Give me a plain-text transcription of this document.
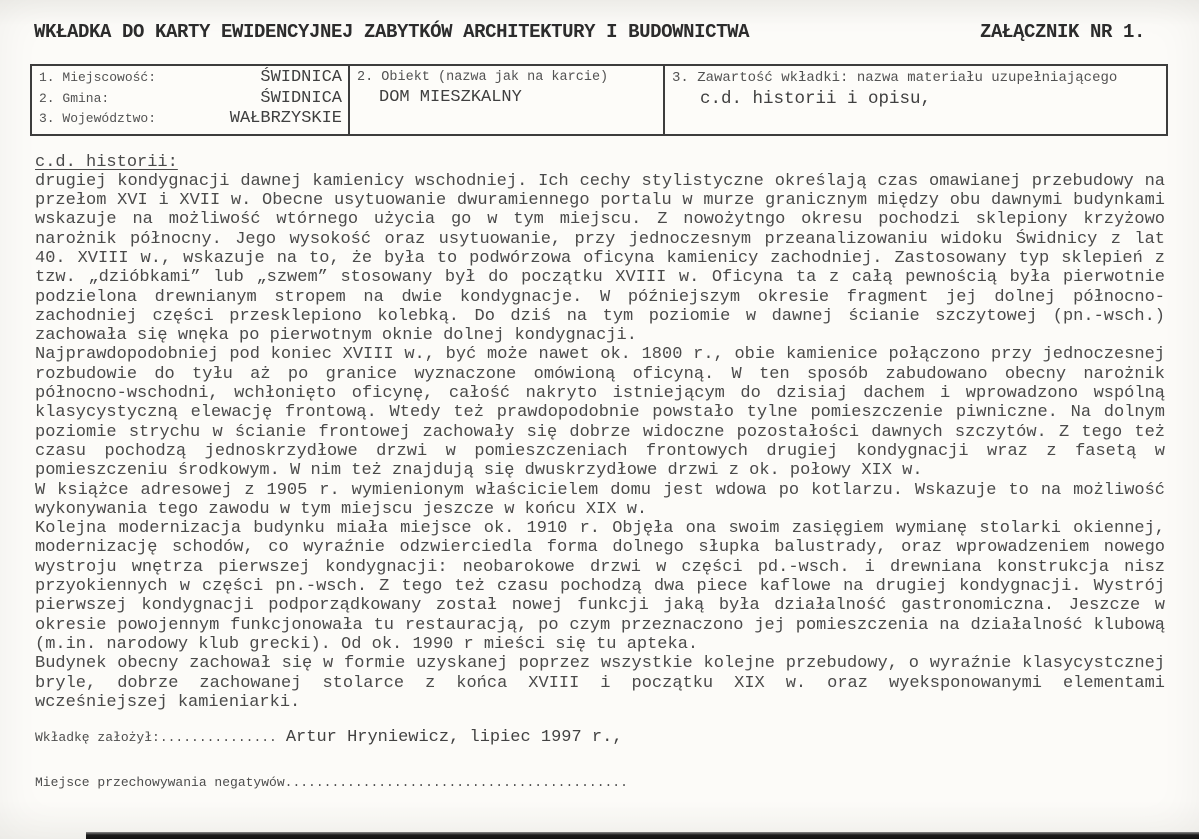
WKŁADKA DO KARTY EWIDENCYJNEJ ZABYTKÓW ARCHITEKTURY I BUDOWNICTWA	ZAŁĄCZNIK NR 1.
1. Miejscowość:	ŚWIDNICA
2. Gmina:	ŚWIDNICA
3. Województwo:	WAŁBRZYSKIE
2. Obiekt (nazwa jak na karcie)
DOM MIESZKALNY
3. Zawartość wkładki: nazwa materiału uzupełniającego
c.d. historii i opisu,
c.d. historii:

drugiej kondygnacji dawnej kamienicy wschodniej. Ich cechy stylistyczne określają czas omawianej przebudowy na przełom XVI i XVII w. Obecne usytuowanie dwuramiennego portalu w murze granicznym między obu dawnymi budynkami wskazuje na możliwość wtórnego użycia go w tym miejscu. Z nowożytngo okresu pochodzi sklepiony krzyżowo narożnik północny. Jego wysokość oraz usytuowanie, przy jednoczesnym przeanalizowaniu widoku Świdnicy z lat 40. XVIII w., wskazuje na to, że była to podwórzowa oficyna kamienicy zachodniej. Zastosowany typ sklepień z tzw. „dzióbkami” lub „szwem” stosowany był do początku XVIII w. Oficyna ta z całą pewnością była pierwotnie podzielona drewnianym stropem na dwie kondygnacje. W późniejszym okresie fragment jej dolnej północno-zachodniej części przesklepiono kolebką. Do dziś na tym poziomie w dawnej ścianie szczytowej (pn.-wsch.) zachowała się wnęka po pierwotnym oknie dolnej kondygnacji.

Najprawdopodobniej pod koniec XVIII w., być może nawet ok. 1800 r., obie kamienice połączono przy jednoczesnej rozbudowie do tyłu aż po granice wyznaczone omówioną oficyną. W ten sposób zabudowano obecny narożnik północno-wschodni, wchłonięto oficynę, całość nakryto istniejącym do dzisiaj dachem i wprowadzono wspólną klasycystyczną elewację frontową. Wtedy też prawdopodobnie powstało tylne pomieszczenie piwniczne. Na dolnym poziomie strychu w ścianie frontowej zachowały się dobrze widoczne pozostałości dawnych szczytów. Z tego też czasu pochodzą jednoskrzydłowe drzwi w pomieszczeniach frontowych drugiej kondygnacji wraz z fasetą w pomieszczeniu środkowym. W nim też znajdują się dwuskrzydłowe drzwi z ok. połowy XIX w.

W książce adresowej z 1905 r. wymienionym właścicielem domu jest wdowa po kotlarzu. Wskazuje to na możliwość wykonywania tego zawodu w tym miejscu jeszcze w końcu XIX w.

Kolejna modernizacja budynku miała miejsce ok. 1910 r. Objęła ona swoim zasięgiem wymianę stolarki okiennej, modernizację schodów, co wyraźnie odzwierciedla forma dolnego słupka balustrady, oraz wprowadzeniem nowego wystroju wnętrza pierwszej kondygnacji: neobarokowe drzwi w części pd.-wsch. i drewniana konstrukcja nisz przyokiennych w części pn.-wsch. Z tego też czasu pochodzą dwa piece kaflowe na drugiej kondygnacji. Wystrój pierwszej kondygnacji podporządkowany został nowej funkcji jaką była działalność gastronomiczna. Jeszcze w okresie powojennym funkcjonowała tu restauracją, po czym przeznaczono jej pomieszczenia na działalność klubową (m.in. narodowy klub grecki). Od ok. 1990 r mieści się tu apteka.

Budynek obecny zachował się w formie uzyskanej poprzez wszystkie kolejne przebudowy, o wyraźnie klasycystcznej bryle, dobrze zachowanej stolarce z końca XVIII i początku XIX w. oraz wyeksponowanymi elementami wcześniejszej kamieniarki.

Wkładkę założył:............... Artur Hryniewicz, lipiec 1997 r.,
Miejsce przechowywania negatywów............................................
